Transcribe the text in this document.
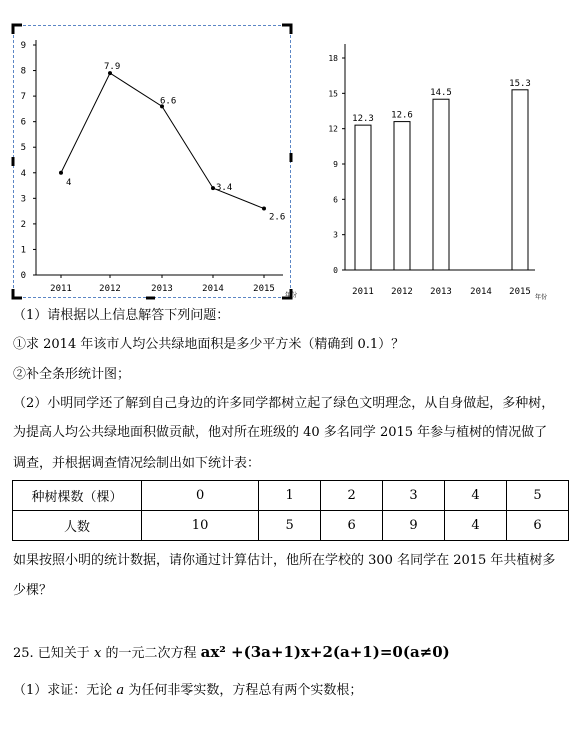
0
1
2
3
4
5
6
7
8
9
2011	2012	2013	2014	2015
4
7.9
6.6
3.4
2.6
年份
0
3
6
9
12
15
18
2011
12.3
2012
12.6
2013
14.5
2014 2015
15.3
年份
（1）请根据以上信息解答下列问题：
①求 2014 年该市人均公共绿地面积是多少平方米（精确到 0.1）？
②补全条形统计图；
（2）小明同学还了解到自己身边的许多同学都树立起了绿色文明理念，从自身做起，多种树，
为提高人均公共绿地面积做贡献，他对所在班级的 40 多名同学 2015 年参与植树的情况做了
调查，并根据调查情况绘制出如下统计表：
种树棵数（棵）	0	1	2	3	4	5
人数	10	5	6	9	4	6
如果按照小明的统计数据，请你通过计算估计，他所在学校的 300 名同学在 2015 年共植树多
少棵？
25. 已知关于 x 的一元二次方程 ax² +(3a+1)x+2(a+1)=0(a≠0)
（1）求证：无论 a 为任何非零实数，方程总有两个实数根；
